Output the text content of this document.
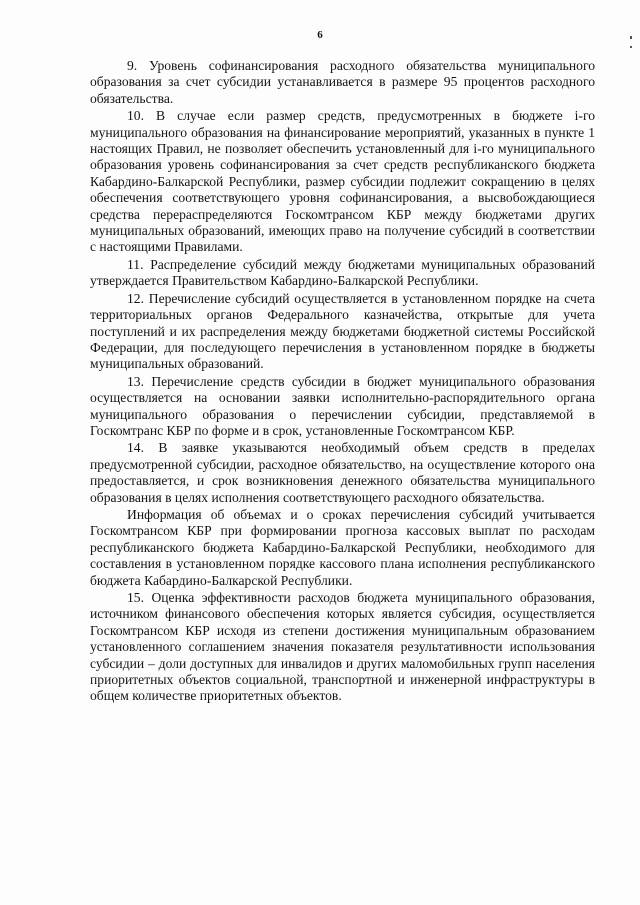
6

9. Уровень софинансирования расходного обязательства муниципального образования за счет субсидии устанавливается в размере 95 процентов расходного обязательства.

10. В случае если размер средств, предусмотренных в бюджете i-го муниципального образования на финансирование мероприятий, указанных в пункте 1 настоящих Правил, не позволяет обеспечить установленный для i-го муниципального образования уровень софинансирования за счет средств республиканского бюджета Кабардино-Балкарской Республики, размер субсидии подлежит сокращению в целях обеспечения соответствующего уровня софинансирования, а высвобождающиеся средства перераспределяются Госкомтрансом КБР между бюджетами других муниципальных образований, имеющих право на получение субсидий в соответствии с настоящими Правилами.

11. Распределение субсидий между бюджетами муниципальных образований утверждается Правительством Кабардино-Балкарской Республики.

12. Перечисление субсидий осуществляется в установленном порядке на счета территориальных органов Федерального казначейства, открытые для учета поступлений и их распределения между бюджетами бюджетной системы Российской Федерации, для последующего перечисления в установленном порядке в бюджеты муниципальных образований.

13. Перечисление средств субсидии в бюджет муниципального образования осуществляется на основании заявки исполнительно-распорядительного органа муниципального образования о перечислении субсидии, представляемой в Госкомтранс КБР по форме и в срок, установленные Госкомтрансом КБР.

14. В заявке указываются необходимый объем средств в пределах предусмотренной субсидии, расходное обязательство, на осуществление которого она предоставляется, и срок возникновения денежного обязательства муниципального образования в целях исполнения соответствующего расходного обязательства.

Информация об объемах и о сроках перечисления субсидий учитывается Госкомтрансом КБР при формировании прогноза кассовых выплат по расходам республиканского бюджета Кабардино-Балкарской Республики, необходимого для составления в установленном порядке кассового плана исполнения республиканского бюджета Кабардино-Балкарской Республики.

15. Оценка эффективности расходов бюджета муниципального образования, источником финансового обеспечения которых является субсидия, осуществляется Госкомтрансом КБР исходя из степени достижения муниципальным образованием установленного соглашением значения показателя результативности использования субсидии – доли доступных для инвалидов и других маломобильных групп населения приоритетных объектов социальной, транспортной и инженерной инфраструктуры в общем количестве приоритетных объектов.
